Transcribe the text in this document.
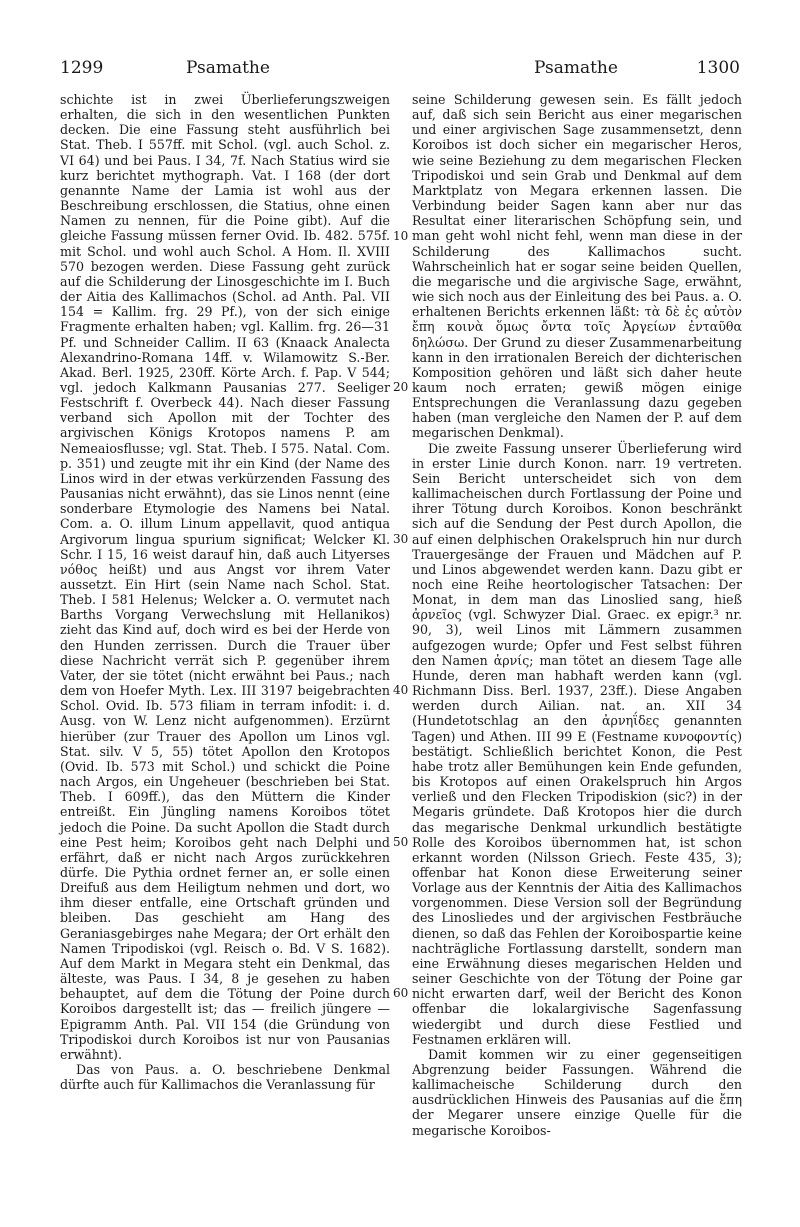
1299	Psamathe	Psamathe	1300

schichte ist in zwei Überlieferungszweigen erhalten, die sich in den wesentlichen Punkten decken. Die eine Fassung steht ausführlich bei Stat. Theb. I 557ff. mit Schol. (vgl. auch Schol. z. VI 64) und bei Paus. I 34, 7f. Nach Statius wird sie kurz berichtet mythograph. Vat. I 168 (der dort genannte Name der Lamia ist wohl aus der Beschreibung erschlossen, die Statius, ohne einen Namen zu nennen, für die Poine gibt). Auf die gleiche Fassung müssen ferner Ovid. Ib. 482. 575f. mit Schol. und wohl auch Schol. A Hom. Il. XVIII 570 bezogen werden. Diese Fassung geht zurück auf die Schilderung der Linosgeschichte im I. Buch der Aitia des Kallimachos (Schol. ad Anth. Pal. VII 154 = Kallim. frg. 29 Pf.), von der sich einige Fragmente erhalten haben; vgl. Kallim. frg. 26—31 Pf. und Schneider Callim. II 63 (Knaack Analecta Alexandrino-Romana 14ff. v. Wilamowitz S.-Ber. Akad. Berl. 1925, 230ff. Körte Arch. f. Pap. V 544; vgl. jedoch Kalkmann Pausanias 277. Seeliger Festschrift f. Overbeck 44). Nach dieser Fassung verband sich Apollon mit der Tochter des argivischen Königs Krotopos namens P. am Nemeaiosflusse; vgl. Stat. Theb. I 575. Natal. Com. p. 351) und zeugte mit ihr ein Kind (der Name des Linos wird in der etwas verkürzenden Fassung des Pausanias nicht erwähnt), das sie Linos nennt (eine sonderbare Etymologie des Namens bei Natal. Com. a. O. illum Linum appellavit, quod antiqua Argivorum lingua spurium significat; Welcker Kl. Schr. I 15, 16 weist darauf hin, daß auch Lityerses νόθος heißt) und aus Angst vor ihrem Vater aussetzt. Ein Hirt (sein Name nach Schol. Stat. Theb. I 581 Helenus; Welcker a. O. vermutet nach Barths Vorgang Verwechslung mit Hellanikos) zieht das Kind auf, doch wird es bei der Herde von den Hunden zerrissen. Durch die Trauer über diese Nachricht verrät sich P. gegenüber ihrem Vater, der sie tötet (nicht erwähnt bei Paus.; nach dem von Hoefer Myth. Lex. III 3197 beigebrachten Schol. Ovid. Ib. 573 filiam in terram infodit: i. d. Ausg. von W. Lenz nicht aufgenommen). Erzürnt hierüber (zur Trauer des Apollon um Linos vgl. Stat. silv. V 5, 55) tötet Apollon den Krotopos (Ovid. Ib. 573 mit Schol.) und schickt die Poine nach Argos, ein Ungeheuer (beschrieben bei Stat. Theb. I 609ff.), das den Müttern die Kinder entreißt. Ein Jüngling namens Koroibos tötet jedoch die Poine. Da sucht Apollon die Stadt durch eine Pest heim; Koroibos geht nach Delphi und erfährt, daß er nicht nach Argos zurückkehren dürfe. Die Pythia ordnet ferner an, er solle einen Dreifuß aus dem Heiligtum nehmen und dort, wo ihm dieser entfalle, eine Ortschaft gründen und bleiben. Das geschieht am Hang des Geraniasgebirges nahe Megara; der Ort erhält den Namen Tripodiskoi (vgl. Reisch o. Bd. V S. 1682). Auf dem Markt in Megara steht ein Denkmal, das älteste, was Paus. I 34, 8 je gesehen zu haben behauptet, auf dem die Tötung der Poine durch Koroibos dargestellt ist; das — freilich jüngere — Epigramm Anth. Pal. VII 154 (die Gründung von Tripodiskoi durch Koroibos ist nur von Pausanias erwähnt).

Das von Paus. a. O. beschriebene Denkmal dürfte auch für Kallimachos die Veranlassung für

10
20
30
40
50
60

seine Schilderung gewesen sein. Es fällt jedoch auf, daß sich sein Bericht aus einer megarischen und einer argivischen Sage zusammensetzt, denn Koroibos ist doch sicher ein megarischer Heros, wie seine Beziehung zu dem megarischen Flecken Tripodiskoi und sein Grab und Denkmal auf dem Marktplatz von Megara erkennen lassen. Die Verbindung beider Sagen kann aber nur das Resultat einer literarischen Schöpfung sein, und man geht wohl nicht fehl, wenn man diese in der Schilderung des Kallimachos sucht. Wahrscheinlich hat er sogar seine beiden Quellen, die megarische und die argivische Sage, erwähnt, wie sich noch aus der Einleitung des bei Paus. a. O. erhaltenen Berichts erkennen läßt: τὰ δὲ ἐς αὐτὸν ἔπη κοινὰ ὅμως ὄντα τοῖς Ἀργείων ἐνταῦθα δηλώσω. Der Grund zu dieser Zusammenarbeitung kann in den irrationalen Bereich der dichterischen Komposition gehören und läßt sich daher heute kaum noch erraten; gewiß mögen einige Entsprechungen die Veranlassung dazu gegeben haben (man vergleiche den Namen der P. auf dem megarischen Denkmal).

Die zweite Fassung unserer Überlieferung wird in erster Linie durch Konon. narr. 19 vertreten. Sein Bericht unterscheidet sich von dem kallimacheischen durch Fortlassung der Poine und ihrer Tötung durch Koroibos. Konon beschränkt sich auf die Sendung der Pest durch Apollon, die auf einen delphischen Orakelspruch hin nur durch Trauergesänge der Frauen und Mädchen auf P. und Linos abgewendet werden kann. Dazu gibt er noch eine Reihe heortologischer Tatsachen: Der Monat, in dem man das Linoslied sang, hieß ἀρνεῖος (vgl. Schwyzer Dial. Graec. ex epigr.³ nr. 90, 3), weil Linos mit Lämmern zusammen aufgezogen wurde; Opfer und Fest selbst führen den Namen ἀρνίς; man tötet an diesem Tage alle Hunde, deren man habhaft werden kann (vgl. Richmann Diss. Berl. 1937, 23ff.). Diese Angaben werden durch Ailian. nat. an. XII 34 (Hundetotschlag an den ἀρνηΐδες genannten Tagen) und Athen. III 99 E (Festname κυνοφοντίς) bestätigt. Schließlich berichtet Konon, die Pest habe trotz aller Bemühungen kein Ende gefunden, bis Krotopos auf einen Orakelspruch hin Argos verließ und den Flecken Tripodiskion (sic?) in der Megaris gründete. Daß Krotopos hier die durch das megarische Denkmal urkundlich bestätigte Rolle des Koroibos übernommen hat, ist schon erkannt worden (Nilsson Griech. Feste 435, 3); offenbar hat Konon diese Erweiterung seiner Vorlage aus der Kenntnis der Aitia des Kallimachos vorgenommen. Diese Version soll der Begründung des Linosliedes und der argivischen Festbräuche dienen, so daß das Fehlen der Koroibospartie keine nachträgliche Fortlassung darstellt, sondern man eine Erwähnung dieses megarischen Helden und seiner Geschichte von der Tötung der Poine gar nicht erwarten darf, weil der Bericht des Konon offenbar die lokalargivische Sagenfassung wiedergibt und durch diese Festlied und Festnamen erklären will.

Damit kommen wir zu einer gegenseitigen Abgrenzung beider Fassungen. Während die kallimacheische Schilderung durch den ausdrücklichen Hinweis des Pausanias auf die ἔπη der Megarer unsere einzige Quelle für die megarische Koroibos-
